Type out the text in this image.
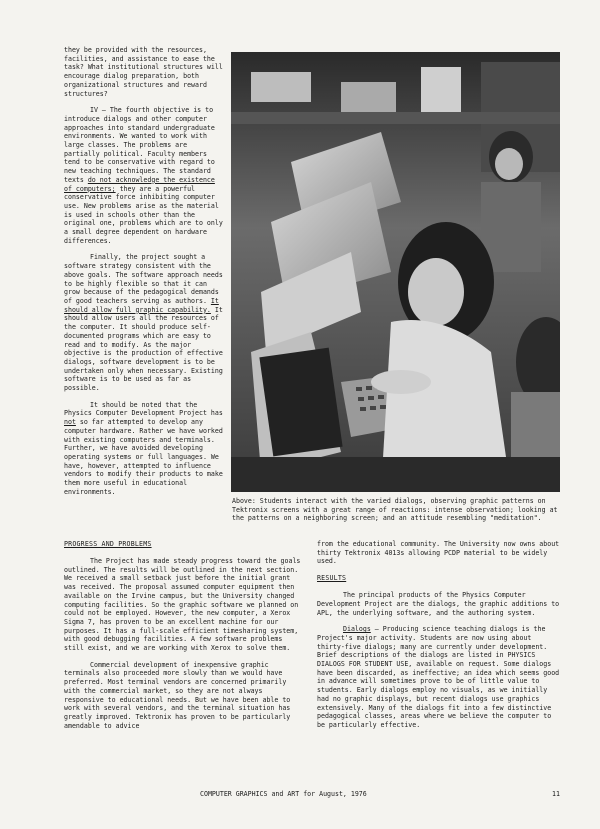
they be provided with the resources, facilities, and assistance to ease the task? What institutional structures will encourage dialog preparation, both organizational structures and reward structures?

IV – The fourth objective is to introduce dialogs and other computer approaches into standard undergraduate environments. We wanted to work with large classes. The problems are partially political. Faculty members tend to be conservative with regard to new teaching techniques. The standard texts do not acknowledge the existence of computers; they are a powerful conservative force inhibiting computer use. New problems arise as the material is used in schools other than the original one, problems which are to only a small degree dependent on hardware differences.

Finally, the project sought a software strategy consistent with the above goals. The software approach needs to be highly flexible so that it can grow because of the pedagogical demands of good teachers serving as authors. It should allow full graphic capability. It should allow users all the resources of the computer. It should produce self-documented programs which are easy to read and to modify. As the major objective is the production of effective dialogs, software development is to be undertaken only when necessary. Existing software is to be used as far as possible.

It should be noted that the Physics Computer Development Project has not so far attempted to develop any computer hardware. Rather we have worked with existing computers and terminals. Further, we have avoided developing operating systems or full languages. We have, however, attempted to influence vendors to modify their products to make them more useful in educational environments.

Above: Students interact with the varied dialogs, observing graphic patterns on Tektronix screens with a great range of reactions: intense observation; looking at the patterns on a neighboring screen; and an attitude resembling "meditation".
PROGRESS AND PROBLEMS

The Project has made steady progress toward the goals outlined. The results will be outlined in the next section. We received a small setback just before the initial grant was received. The proposal assumed computer equipment then available on the Irvine campus, but the University changed computing facilities. So the graphic software we planned on could not be employed. However, the new computer, a Xerox Sigma 7, has proven to be an excellent machine for our purposes. It has a full-scale efficient timesharing system, with good debugging facilities. A few software problems still exist, and we are working with Xerox to solve them.

Commercial development of inexpensive graphic terminals also proceeded more slowly than we would have preferred. Most terminal vendors are concerned primarily with the commercial market, so they are not always responsive to educational needs. But we have been able to work with several vendors, and the terminal situation has greatly improved. Tektronix has proven to be particularly amendable to advice

from the educational community. The University now owns about thirty Tektronix 4013s allowing PCDP material to be widely used.

RESULTS

The principal products of the Physics Computer Development Project are the dialogs, the graphic additions to APL, the underlying software, and the authoring system.

Dialogs – Producing science teaching dialogs is the Project's major activity. Students are now using about thirty-five dialogs; many are currently under development. Brief descriptions of the dialogs are listed in PHYSICS DIALOGS FOR STUDENT USE, available on request. Some dialogs have been discarded, as ineffective; an idea which seems good in advance will sometimes prove to be of little value to students. Early dialogs employ no visuals, as we initially had no graphic displays, but recent dialogs use graphics extensively. Many of the dialogs fit into a few distinctive pedagogical classes, areas where we believe the computer to be particularly effective.

COMPUTER GRAPHICS and ART for August, 1976	11
